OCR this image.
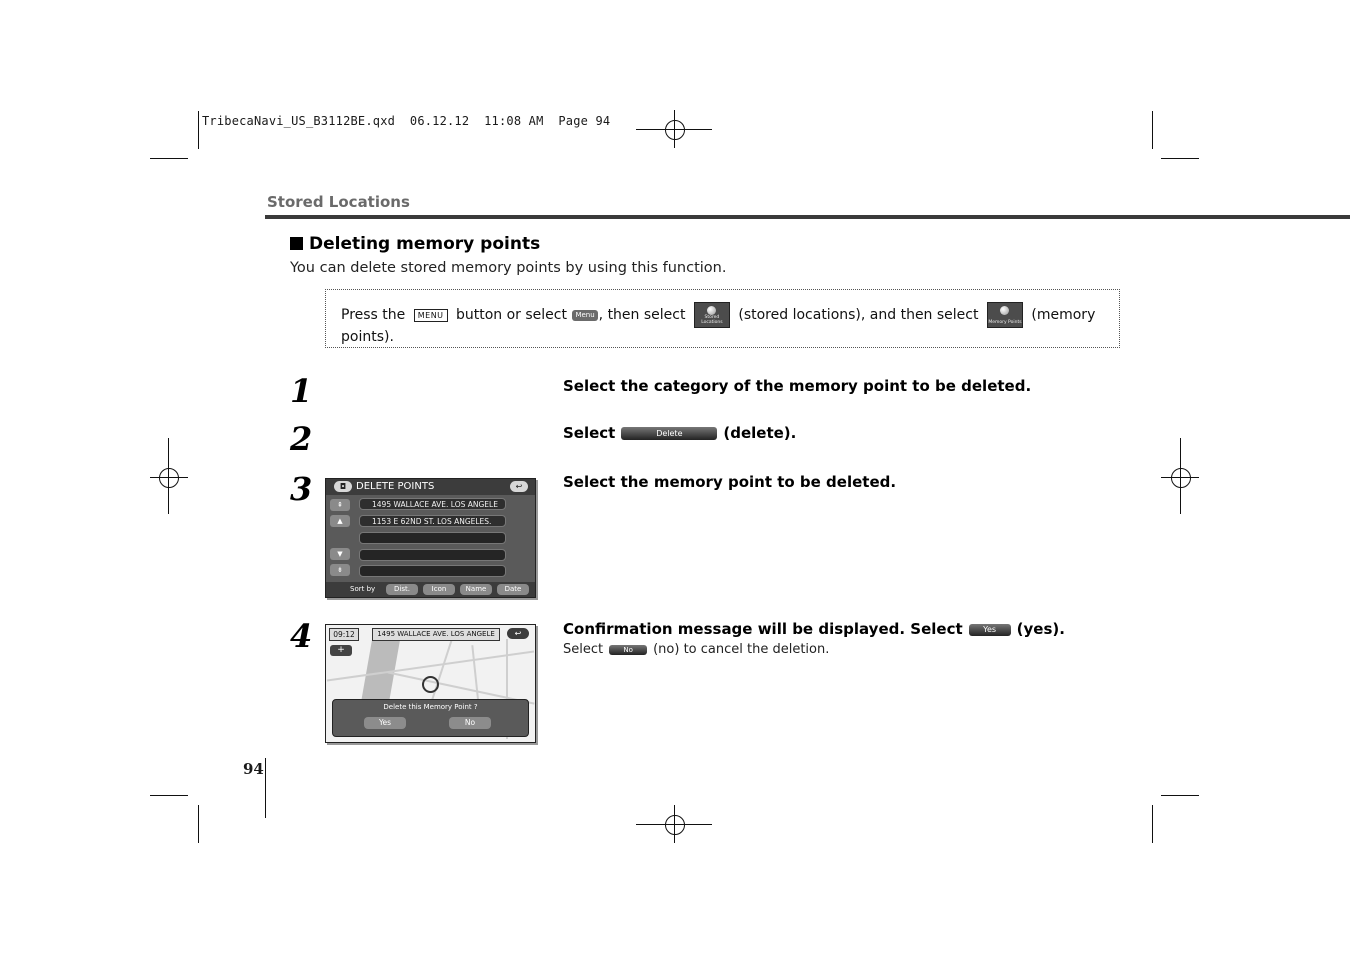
TribecaNavi_US_B3112BE.qxd  06.12.12  11:08 AM  Page 94
Stored Locations
Deleting memory points
You can delete stored memory points by using this function.
Press the MENU button or select Menu , then select	Stored Locations	(stored locations), and then select Memory Points (memory points).
1	Select the category of the memory point to be deleted.
2	Select	Delete	(delete).
3	Select the memory point to be deleted.
4	Confirmation message will be displayed. Select	Yes (yes).
Select	No (no) to cancel the deletion.
◘ DELETE POINTS	↩
⇞
▲
▼
⇟
1495 WALLACE AVE. LOS ANGELE
1153 E 62ND ST. LOS ANGELES.
Sort by	Dist.	Icon	Name	Date
09:12	1495 WALLACE AVE. LOS ANGELE	↩
+
Delete this Memory Point ?
Yes	No
94
